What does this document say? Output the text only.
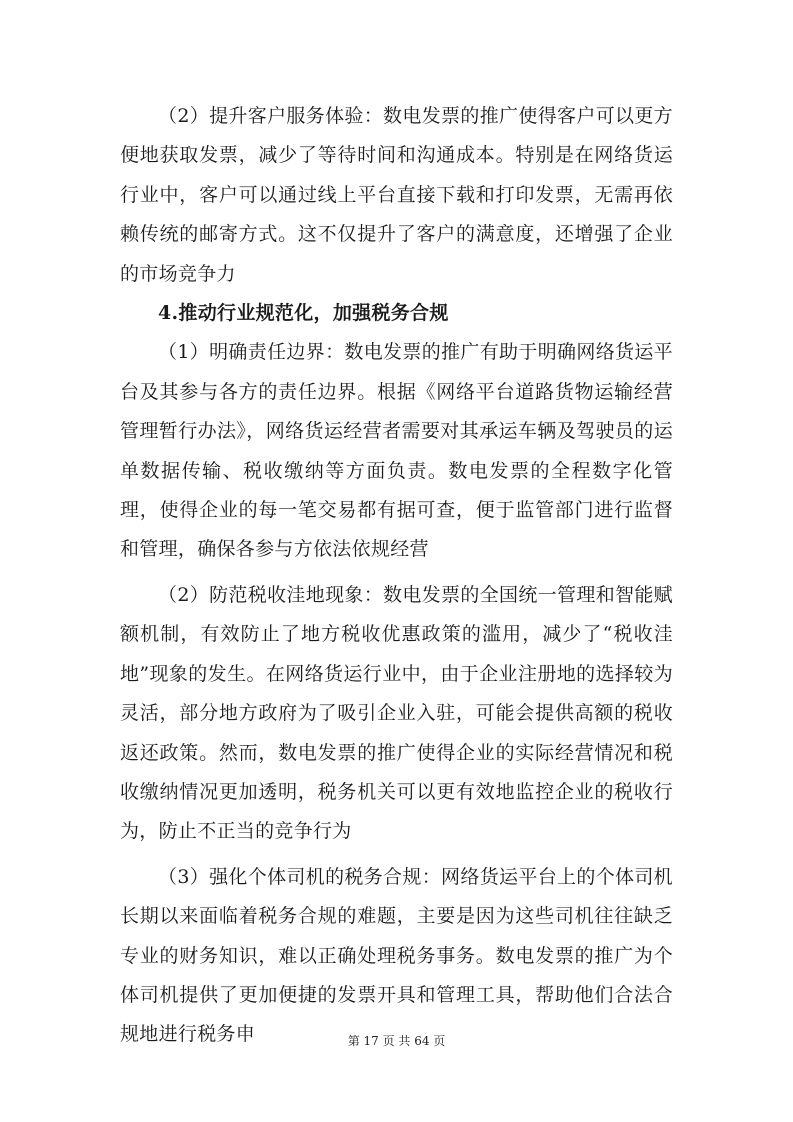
（2）提升客户服务体验：数电发票的推广使得客户可以更方便地获取发票，减少了等待时间和沟通成本。特别是在网络货运行业中，客户可以通过线上平台直接下载和打印发票，无需再依赖传统的邮寄方式。这不仅提升了客户的满意度，还增强了企业的市场竞争力

4.推动行业规范化，加强税务合规

（1）明确责任边界：数电发票的推广有助于明确网络货运平台及其参与各方的责任边界。根据《网络平台道路货物运输经营管理暂行办法》，网络货运经营者需要对其承运车辆及驾驶员的运单数据传输、税收缴纳等方面负责。数电发票的全程数字化管理，使得企业的每一笔交易都有据可查，便于监管部门进行监督和管理，确保各参与方依法依规经营

（2）防范税收洼地现象：数电发票的全国统一管理和智能赋额机制，有效防止了地方税收优惠政策的滥用，减少了“税收洼地”现象的发生。在网络货运行业中，由于企业注册地的选择较为灵活，部分地方政府为了吸引企业入驻，可能会提供高额的税收返还政策。然而，数电发票的推广使得企业的实际经营情况和税收缴纳情况更加透明，税务机关可以更有效地监控企业的税收行为，防止不正当的竞争行为

（3）强化个体司机的税务合规：网络货运平台上的个体司机长期以来面临着税务合规的难题，主要是因为这些司机往往缺乏专业的财务知识，难以正确处理税务事务。数电发票的推广为个体司机提供了更加便捷的发票开具和管理工具，帮助他们合法合规地进行税务申	第 17 页 共 64 页
